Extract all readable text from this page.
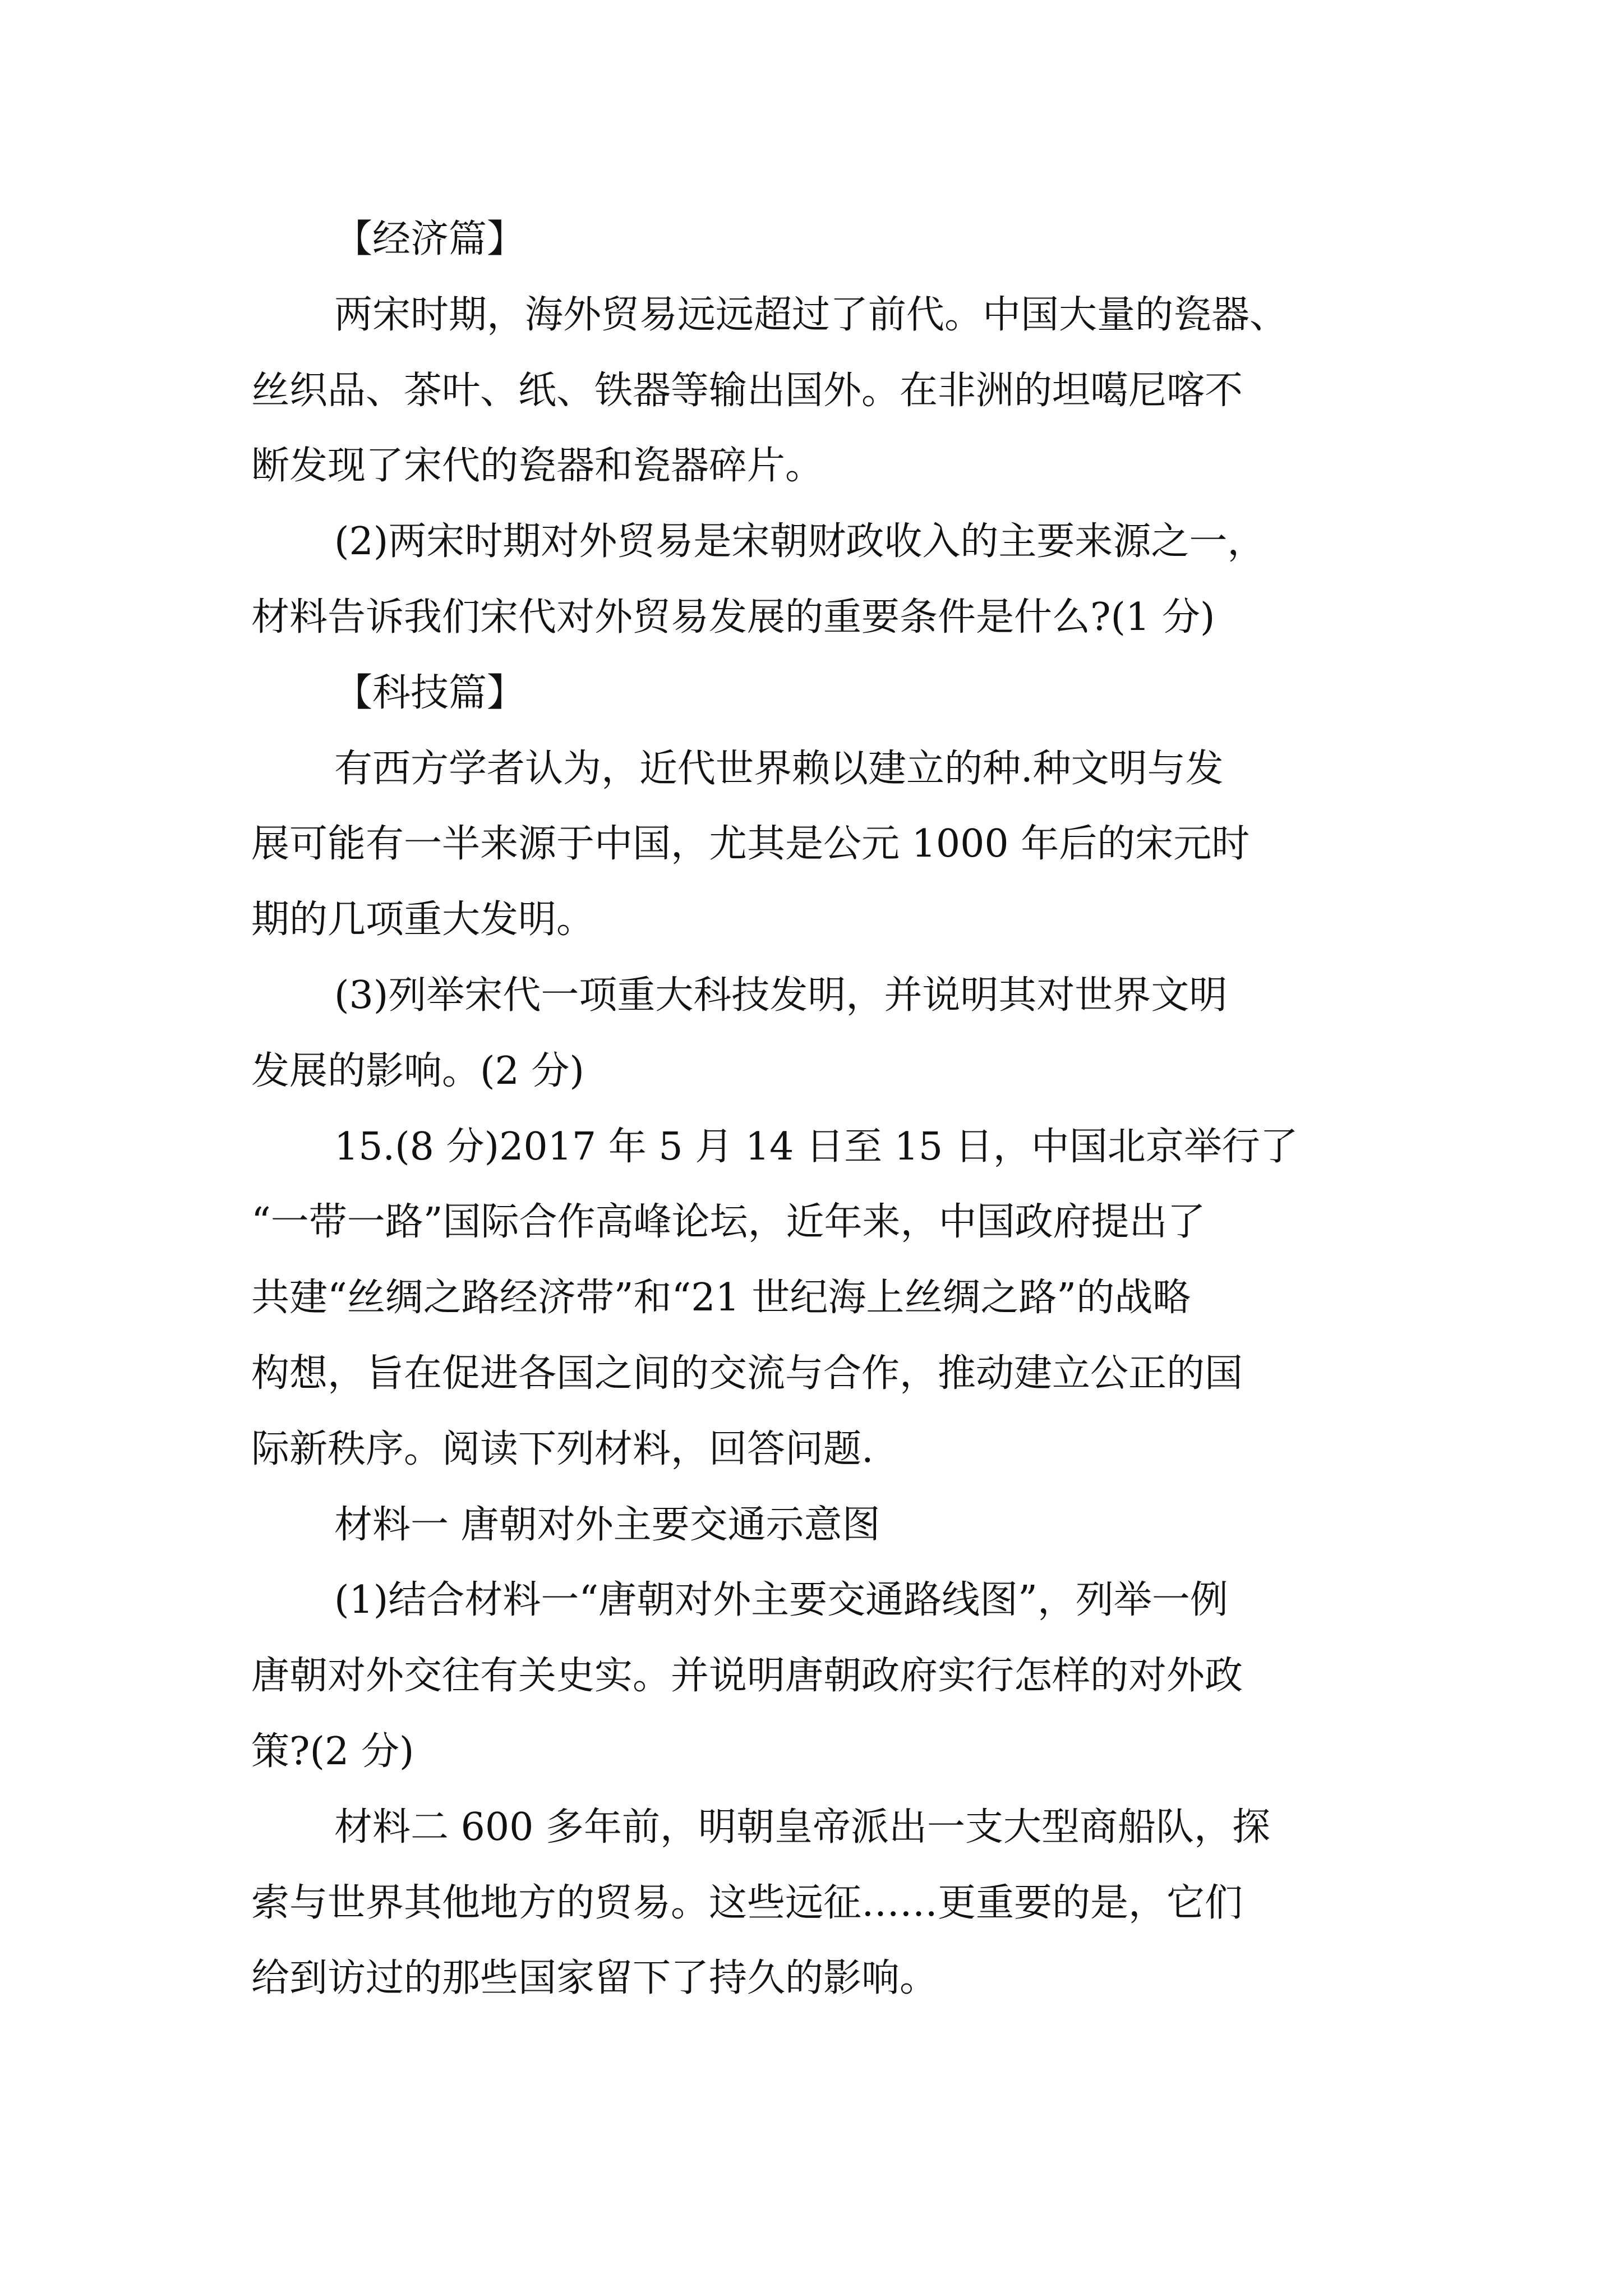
【经济篇】

两宋时期，海外贸易远远超过了前代。中国大量的瓷器、

丝织品、茶叶、纸、铁器等输出国外。在非洲的坦噶尼喀不

断发现了宋代的瓷器和瓷器碎片。

(2)两宋时期对外贸易是宋朝财政收入的主要来源之一，

材料告诉我们宋代对外贸易发展的重要条件是什么?(1 分)

【科技篇】

有西方学者认为，近代世界赖以建立的种.种文明与发

展可能有一半来源于中国，尤其是公元 1000 年后的宋元时

期的几项重大发明。

(3)列举宋代一项重大科技发明，并说明其对世界文明

发展的影响。(2 分)

15.(8 分)2017 年 5 月 14 日至 15 日，中国北京举行了

“一带一路”国际合作高峰论坛，近年来，中国政府提出了

共建“丝绸之路经济带”和“21 世纪海上丝绸之路”的战略

构想，旨在促进各国之间的交流与合作，推动建立公正的国

际新秩序。阅读下列材料，回答问题.

材料一 唐朝对外主要交通示意图

(1)结合材料一“唐朝对外主要交通路线图”，列举一例

唐朝对外交往有关史实。并说明唐朝政府实行怎样的对外政

策?(2 分)

材料二 600 多年前，明朝皇帝派出一支大型商船队，探

索与世界其他地方的贸易。这些远征……更重要的是，它们

给到访过的那些国家留下了持久的影响。
